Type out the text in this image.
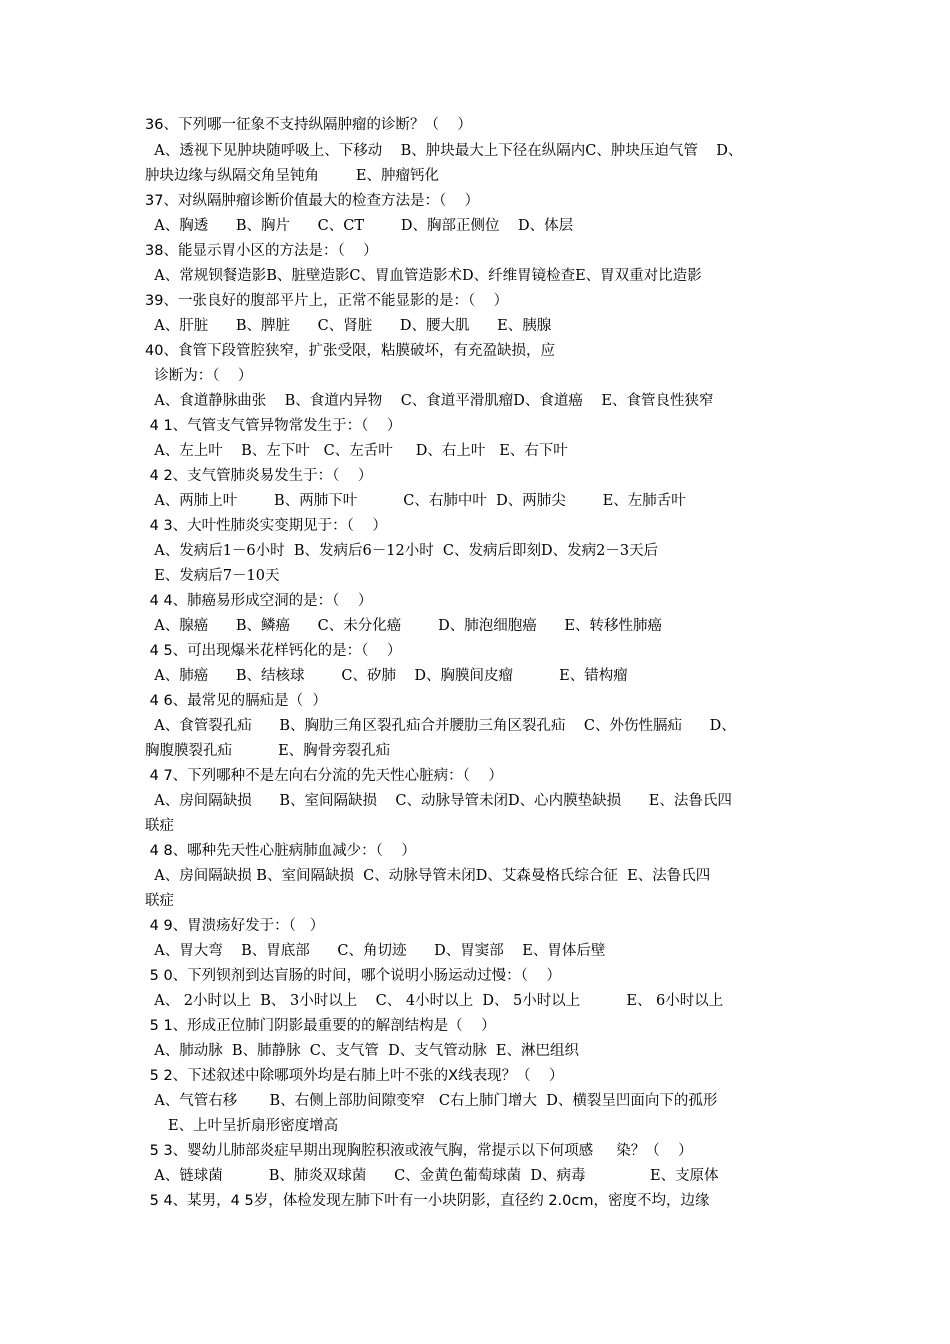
36、下列哪一征象不支持纵隔肿瘤的诊断？（    ）
A、透视下见肿块随呼吸上、下移动    B、肿块最大上下径在纵隔内C、肿块压迫气管    D、
肿块边缘与纵隔交角呈钝角        E、肿瘤钙化
37、对纵隔肿瘤诊断价值最大的检查方法是：（    ）
A、胸透      B、胸片      C、CT        D、胸部正侧位    D、体层
38、能显示胃小区的方法是：（    ）
A、常规钡餐造影B、脏壁造影C、胃血管造影术D、纤维胃镜检查E、胃双重对比造影
39、一张良好的腹部平片上，正常不能显影的是：（    ）
A、肝脏      B、脾脏      C、肾脏      D、腰大肌      E、胰腺
40、食管下段管腔狭窄，扩张受限，粘膜破坏，有充盈缺损，应
诊断为：（    ）
A、食道静脉曲张    B、食道内异物    C、食道平滑肌瘤D、食道癌    E、食管良性狭窄
4 1、气管支气管异物常发生于：（    ）
A、左上叶    B、左下叶   C、左舌叶     D、右上叶   E、右下叶
4 2、支气管肺炎易发生于：（    ）
A、两肺上叶        B、两肺下叶          C、右肺中叶  D、两肺尖        E、左肺舌叶
4 3、大叶性肺炎实变期见于：（    ）
A、发病后1－6小时  B、发病后6－12小时  C、发病后即刻D、发病2－3天后
E、发病后7－10天
4 4、肺癌易形成空洞的是：（    ）
A、腺癌      B、鳞癌      C、未分化癌        D、肺泡细胞癌      E、转移性肺癌
4 5、可出现爆米花样钙化的是：（    ）
A、肺癌      B、结核球        C、矽肺    D、胸膜间皮瘤          E、错构瘤
4 6、最常见的膈疝是（  ）
A、食管裂孔疝      B、胸肋三角区裂孔疝合并腰肋三角区裂孔疝    C、外伤性膈疝      D、
胸腹膜裂孔疝          E、胸骨旁裂孔疝
4 7、下列哪种不是左向右分流的先天性心脏病：（    ）
A、房间隔缺损      B、室间隔缺损    C、动脉导管未闭D、心内膜垫缺损      E、法鲁氏四
联症
4 8、哪种先天性心脏病肺血减少：（    ）
A、房间隔缺损 B、室间隔缺损  C、动脉导管未闭D、艾森曼格氏综合征  E、法鲁氏四
联症
4 9、胃溃疡好发于：（   ）
A、胃大弯    B、胃底部      C、角切迹      D、胃窦部    E、胃体后壁
5 0、下列钡剂到达盲肠的时间，哪个说明小肠运动过慢：（    ）
A、 2小时以上  B、 3小时以上    C、 4小时以上  D、 5小时以上          E、 6小时以上
5 1、形成正位肺门阴影最重要的的解剖结构是（    ）
A、肺动脉  B、肺静脉  C、支气管  D、支气管动脉  E、淋巴组织
5 2、下述叙述中除哪项外均是右肺上叶不张的X线表现？（    ）
A、气管右移       B、右侧上部肋间隙变窄   C右上肺门增大  D、横裂呈凹面向下的孤形
E、上叶呈折扇形密度增高
5 3、婴幼儿肺部炎症早期出现胸腔积液或液气胸，常提示以下何项感     染？（    ）
A、链球菌          B、肺炎双球菌      C、金黄色葡萄球菌  D、病毒              E、支原体
5 4、某男，4 5岁，体检发现左肺下叶有一小块阴影，直径约 2.0cm，密度不均，边缘
